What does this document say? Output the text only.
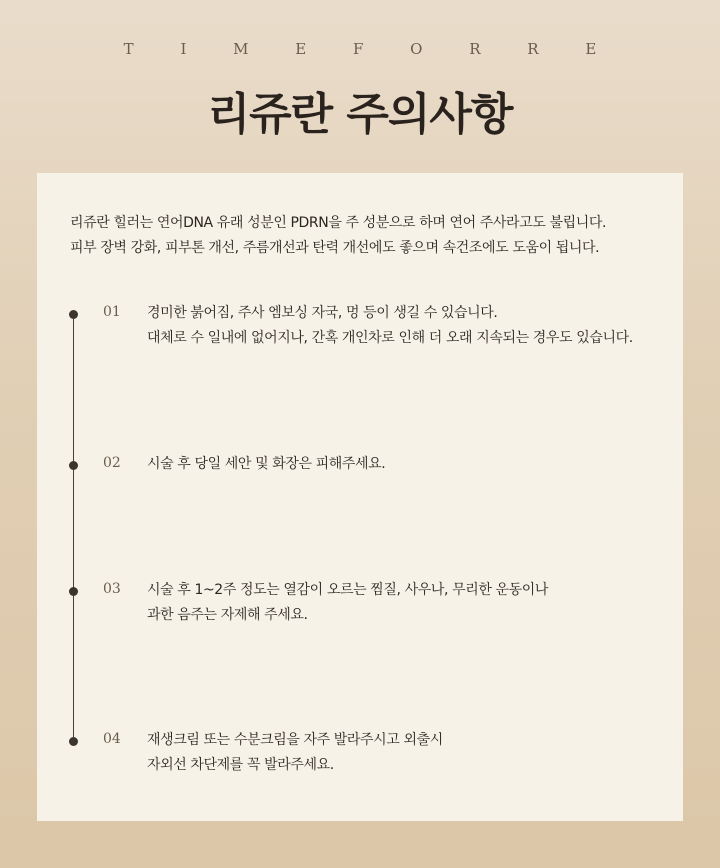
T I M E F O R R E
리쥬란 주의사항

리쥬란 힐러는 연어DNA 유래 성분인 PDRN을 주 성분으로 하며 연어 주사라고도 불립니다.

피부 장벽 강화, 피부톤 개선, 주름개선과 탄력 개선에도 좋으며 속건조에도 도움이 됩니다.

01 경미한 붉어짐, 주사 엠보싱 자국, 멍 등이 생길 수 있습니다.

대체로 수 일내에 없어지나, 간혹 개인차로 인해 더 오래 지속되는 경우도 있습니다.

02 시술 후 당일 세안 및 화장은 피해주세요.

03 시술 후 1~2주 정도는 열감이 오르는 찜질, 사우나, 무리한 운동이나

과한 음주는 자제해 주세요.

04 재생크림 또는 수분크림을 자주 발라주시고 외출시

자외선 차단제를 꼭 발라주세요.
